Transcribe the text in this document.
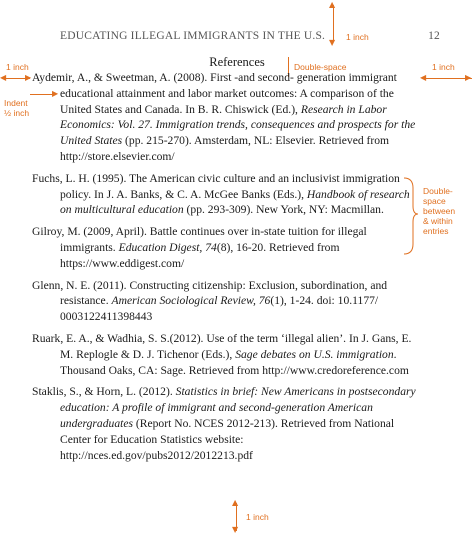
EDUCATING ILLEGAL IMMIGRANTS IN THE U.S.	12
▲
▼
1 inch
References	Double-space
1 inch
◀ ▶
1 inch
◀	▶
Indent
½ inch
▶
Double-
space
between
& within
entries

Aydemir, A., & Sweetman, A. (2008). First -and second- generation immigrant educational attainment and labor market outcomes: A comparison of the United States and Canada. In B. R. Chiswick (Ed.), Research in Labor Economics: Vol. 27. Immigration trends, consequences and prospects for the United States (pp. 215-270). Amsterdam, NL: Elsevier. Retrieved from http://store.elsevier.com/

Fuchs, L. H. (1995). The American civic culture and an inclusivist immigration policy. In J. A. Banks, & C. A. McGee Banks (Eds.), Handbook of research on multicultural education (pp. 293-309). New York, NY: Macmillan.

Gilroy, M. (2009, April). Battle continues over in-state tuition for illegal immigrants. Education Digest, 74(8), 16-20. Retrieved from https://www.eddigest.com/

Glenn, N. E. (2011). Constructing citizenship: Exclusion, subordination, and resistance. American Sociological Review, 76(1), 1-24. doi: 10.1177/ 0003122411398443

Ruark, E. A., & Wadhia, S. S.(2012). Use of the term ‘illegal alien’. In J. Gans, E. M. Replogle & D. J. Tichenor (Eds.), Sage debates on U.S. immigration. Thousand Oaks, CA: Sage. Retrieved from http://www.credoreference.com

Staklis, S., & Horn, L. (2012). Statistics in brief: New Americans in postsecondary education: A profile of immigrant and second-generation American undergraduates (Report No. NCES 2012-213). Retrieved from National Center for Education Statistics website: http://nces.ed.gov/pubs2012/2012213.pdf

▲
▼
1 inch
